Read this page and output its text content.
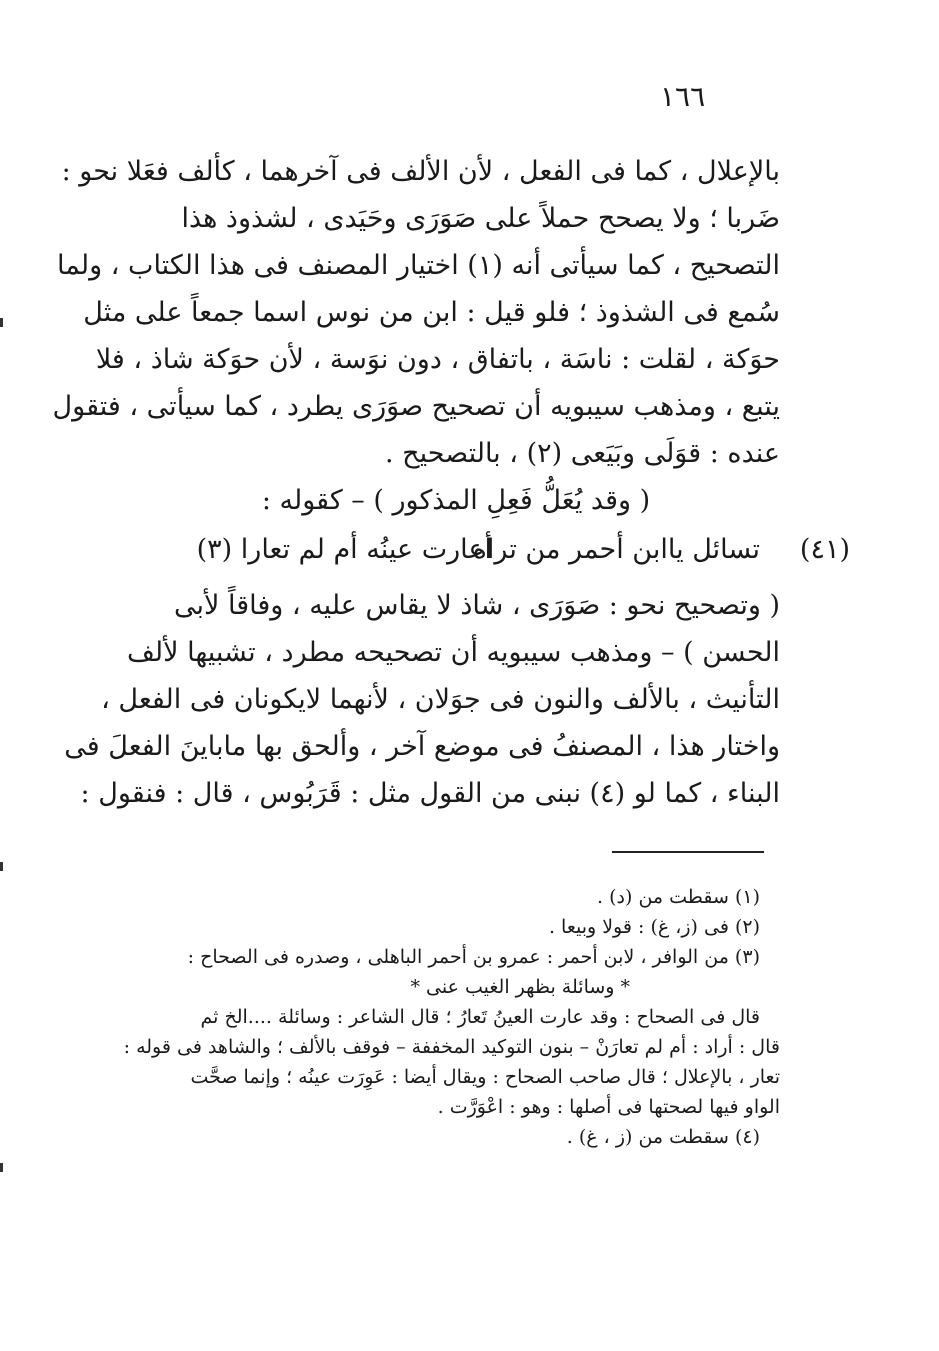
١٦٦
بالإعلال ، كما فى الفعل ، لأن الألف فى آخرهما ، كألف فعَلا نحو :
ضَربا ؛ ولا يصحح حملاً على صَوَرَى وحَيَدى ، لشذوذ هذا
التصحيح ، كما سيأتى أنه (١) اختيار المصنف فى هذا الكتاب ، ولما
سُمع فى الشذوذ ؛ فلو قيل : ابن من نوس اسما جمعاً على مثل
حوَكة ، لقلت : ناسَة ، باتفاق ، دون نوَسة ، لأن حوَكة شاذ ، فلا
يتبع ، ومذهب سيبويه أن تصحيح صوَرَى يطرد ، كما سيأتى ، فتقول
عنده : قوَلَى وبَيَعى (٢) ، بالتصحيح .
( وقد يُعَلُّ فَعِلِ المذكور ) – كقوله :
(٤١)
تسائل ياابن أحمر من تراه
أعارت عينُه أم لم تعارا (٣)
( وتصحيح نحو : صَوَرَى ، شاذ لا يقاس عليه ، وفاقاً لأبى
الحسن ) – ومذهب سيبويه أن تصحيحه مطرد ، تشبيها لألف
التأنيث ، بالألف والنون فى جوَلان ، لأنهما لايكونان فى الفعل ،
واختار هذا ، المصنفُ فى موضع آخر ، وألحق بها ماباينَ الفعلَ فى
البناء ، كما لو (٤) نبنى من القول مثل : قَرَبُوس ، قال : فنقول :
(١) سقطت من (د) .
(٢) فى (ز، غ) : قولا وبيعا .
(٣) من الوافر ، لابن أحمر : عمرو بن أحمر الباهلى ، وصدره فى الصحاح :
* وسائلة بظهر الغيب عنى *
قال فى الصحاح : وقد عارت العينُ تَعارُ ؛ قال الشاعر : وسائلة ....الخ ثم
قال : أراد : أم لم تعارَنْ – بنون التوكيد المخففة – فوقف بالألف ؛ والشاهد فى قوله :
تعار ، بالإعلال ؛ قال صاحب الصحاح : ويقال أيضا : عَوِرَت عينُه ؛ وإنما صحَّت
الواو فيها لصحتها فى أصلها : وهو : اعْوَرَّت .
(٤) سقطت من (ز ، غ) .
